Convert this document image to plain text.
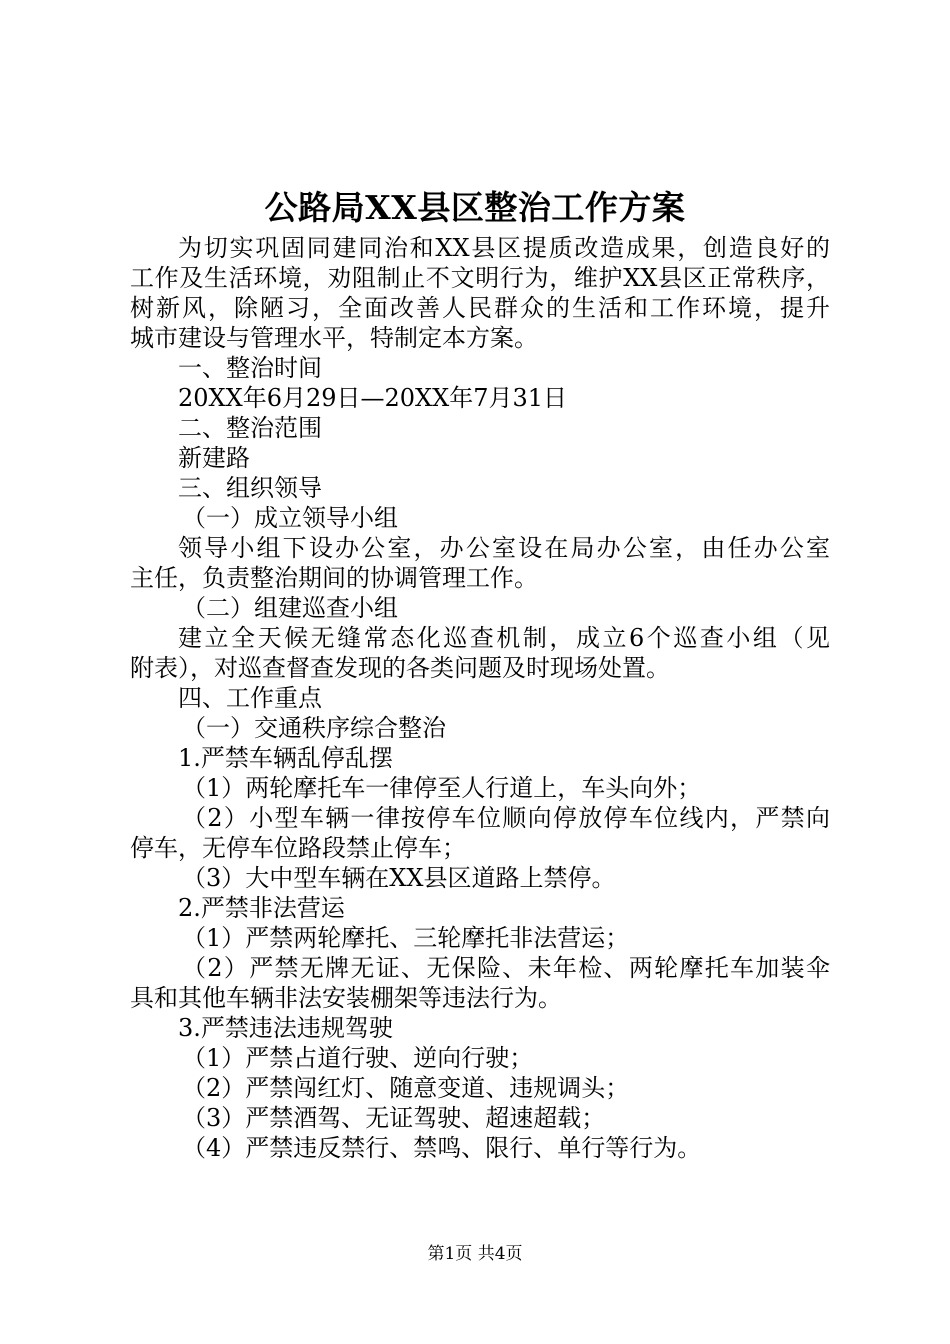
公路局XX县区整治工作方案
为切实巩固同建同治和XX县区提质改造成果，创造良好的
工作及生活环境，劝阻制止不文明行为，维护XX县区正常秩序，
树新风，除陋习，全面改善人民群众的生活和工作环境，提升
城市建设与管理水平，特制定本方案。
一、整治时间
20XX年6月29日—20XX年7月31日
二、整治范围
新建路
三、组织领导
（一）成立领导小组
领导小组下设办公室，办公室设在局办公室，由任办公室
主任，负责整治期间的协调管理工作。
（二）组建巡查小组
建立全天候无缝常态化巡查机制，成立6个巡查小组（见
附表），对巡查督查发现的各类问题及时现场处置。
四、工作重点
（一）交通秩序综合整治
1.严禁车辆乱停乱摆
（1）两轮摩托车一律停至人行道上，车头向外；
（2）小型车辆一律按停车位顺向停放停车位线内，严禁向
停车，无停车位路段禁止停车；
（3）大中型车辆在XX县区道路上禁停。
2.严禁非法营运
（1）严禁两轮摩托、三轮摩托非法营运；
（2）严禁无牌无证、无保险、未年检、两轮摩托车加装伞
具和其他车辆非法安装棚架等违法行为。
3.严禁违法违规驾驶
（1）严禁占道行驶、逆向行驶；
（2）严禁闯红灯、随意变道、违规调头；
（3）严禁酒驾、无证驾驶、超速超载；
（4）严禁违反禁行、禁鸣、限行、单行等行为。
第1页 共4页
